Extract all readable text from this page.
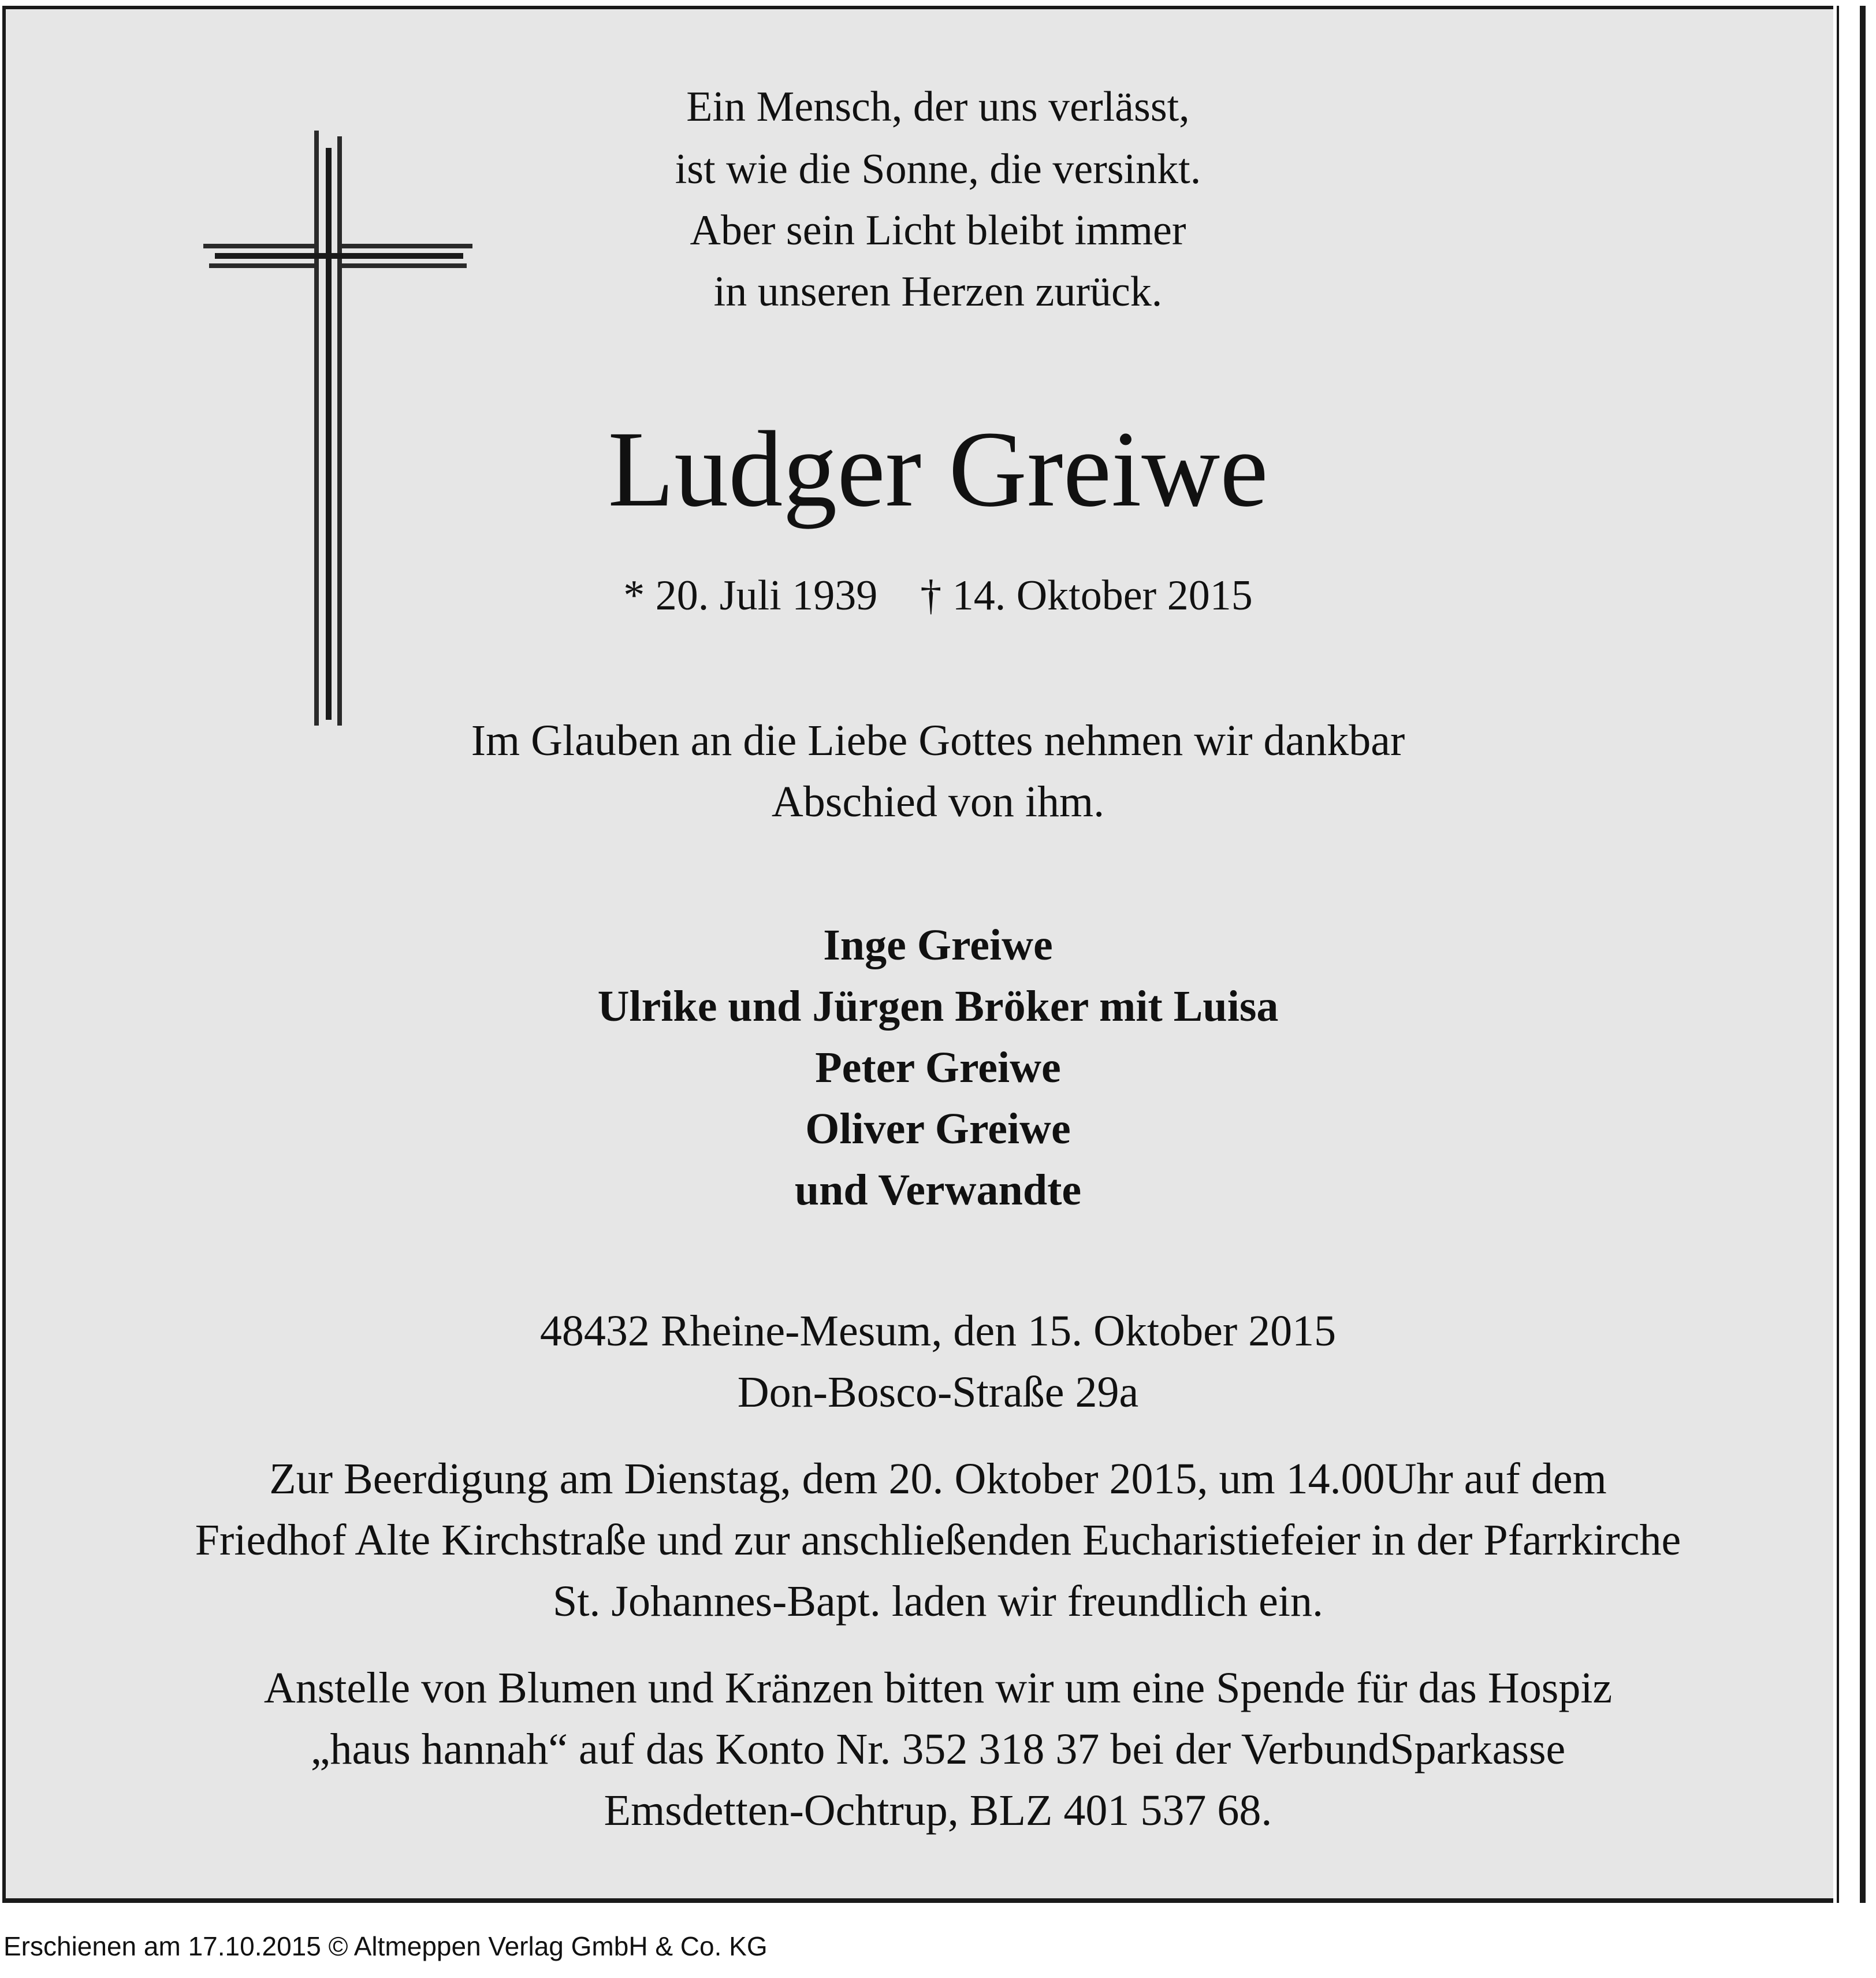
Ein Mensch, der uns verlässt,
ist wie die Sonne, die versinkt.
Aber sein Licht bleibt immer
in unseren Herzen zurück.
Ludger Greiwe
* 20. Juli 1939    † 14. Oktober 2015
Im Glauben an die Liebe Gottes nehmen wir dankbar
Abschied von ihm.
Inge Greiwe
Ulrike und Jürgen Bröker mit Luisa
Peter Greiwe
Oliver Greiwe
und Verwandte
48432 Rheine-Mesum, den 15. Oktober 2015
Don-Bosco-Straße 29a
Zur Beerdigung am Dienstag, dem 20. Oktober 2015, um 14.00Uhr auf dem
Friedhof Alte Kirchstraße und zur anschließenden Eucharistiefeier in der Pfarrkirche
St. Johannes-Bapt. laden wir freundlich ein.
Anstelle von Blumen und Kränzen bitten wir um eine Spende für das Hospiz
„haus hannah“ auf das Konto Nr. 352 318 37 bei der VerbundSparkasse
Emsdetten-Ochtrup, BLZ 401 537 68.
Erschienen am 17.10.2015 © Altmeppen Verlag GmbH & Co. KG
